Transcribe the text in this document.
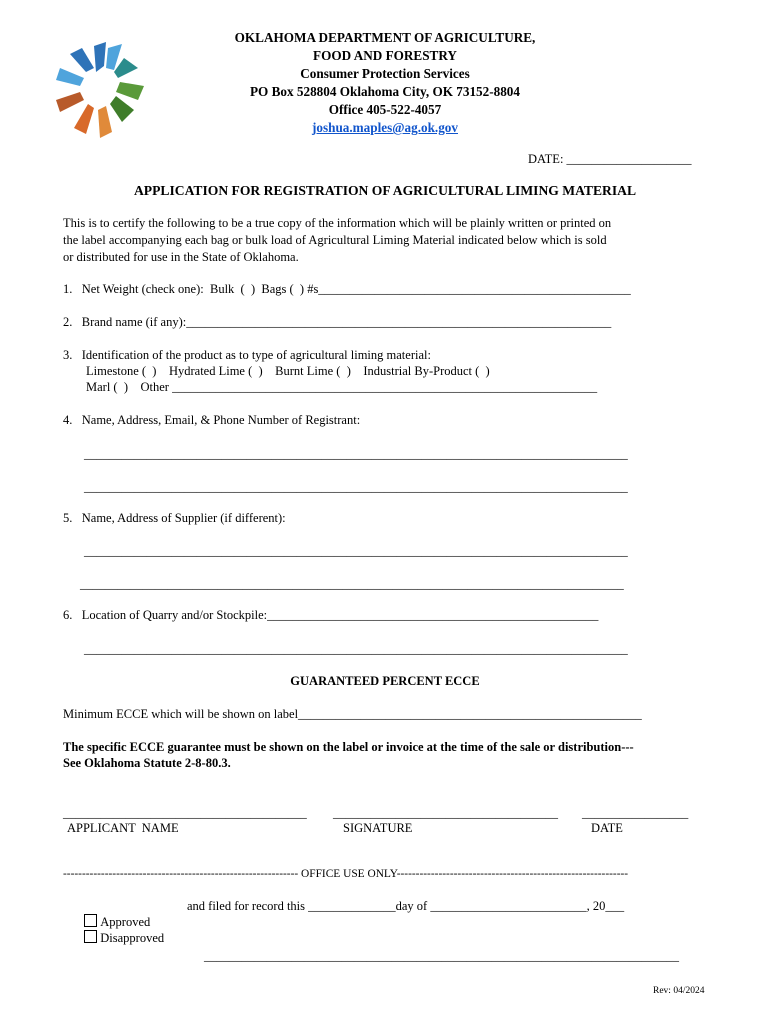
OKLAHOMA DEPARTMENT OF AGRICULTURE,
FOOD AND FORESTRY
Consumer Protection Services
PO Box 528804 Oklahoma City, OK 73152-8804
Office 405-522-4057
joshua.maples@ag.ok.gov
DATE: ____________________
APPLICATION FOR REGISTRATION OF AGRICULTURAL LIMING MATERIAL
This is to certify the following to be a true copy of the information which will be plainly written or printed on
the label accompanying each bag or bulk load of Agricultural Liming Material indicated below which is sold
or distributed for use in the State of Oklahoma.
1.   Net Weight (check one):  Bulk  (  )  Bags (  ) #s__________________________________________________
2.   Brand name (if any):____________________________________________________________________
3.   Identification of the product as to type of agricultural liming material:
Limestone (  )    Hydrated Lime (  )    Burnt Lime (  )    Industrial By-Product (  )
Marl (  )    Other ____________________________________________________________________
4.   Name, Address, Email, & Phone Number of Registrant:
_______________________________________________________________________________________
_______________________________________________________________________________________
5.   Name, Address of Supplier (if different):
_______________________________________________________________________________________
_______________________________________________________________________________________
6.   Location of Quarry and/or Stockpile:_____________________________________________________
_______________________________________________________________________________________
GUARANTEED PERCENT ECCE
Minimum ECCE which will be shown on label_______________________________________________________
The specific ECCE guarantee must be shown on the label or invoice at the time of the sale or distribution---
See Oklahoma Statute 2-8-80.3.
_______________________________________ ____________________________________ _________________
APPLICANT  NAME	SIGNATURE	DATE
-------------------------------------------------------------- OFFICE USE ONLY-------------------------------------------------------------

Approved

Disapproved

and filed for record this ______________day of _________________________, 20___
____________________________________________________________________________
Rev: 04/2024
